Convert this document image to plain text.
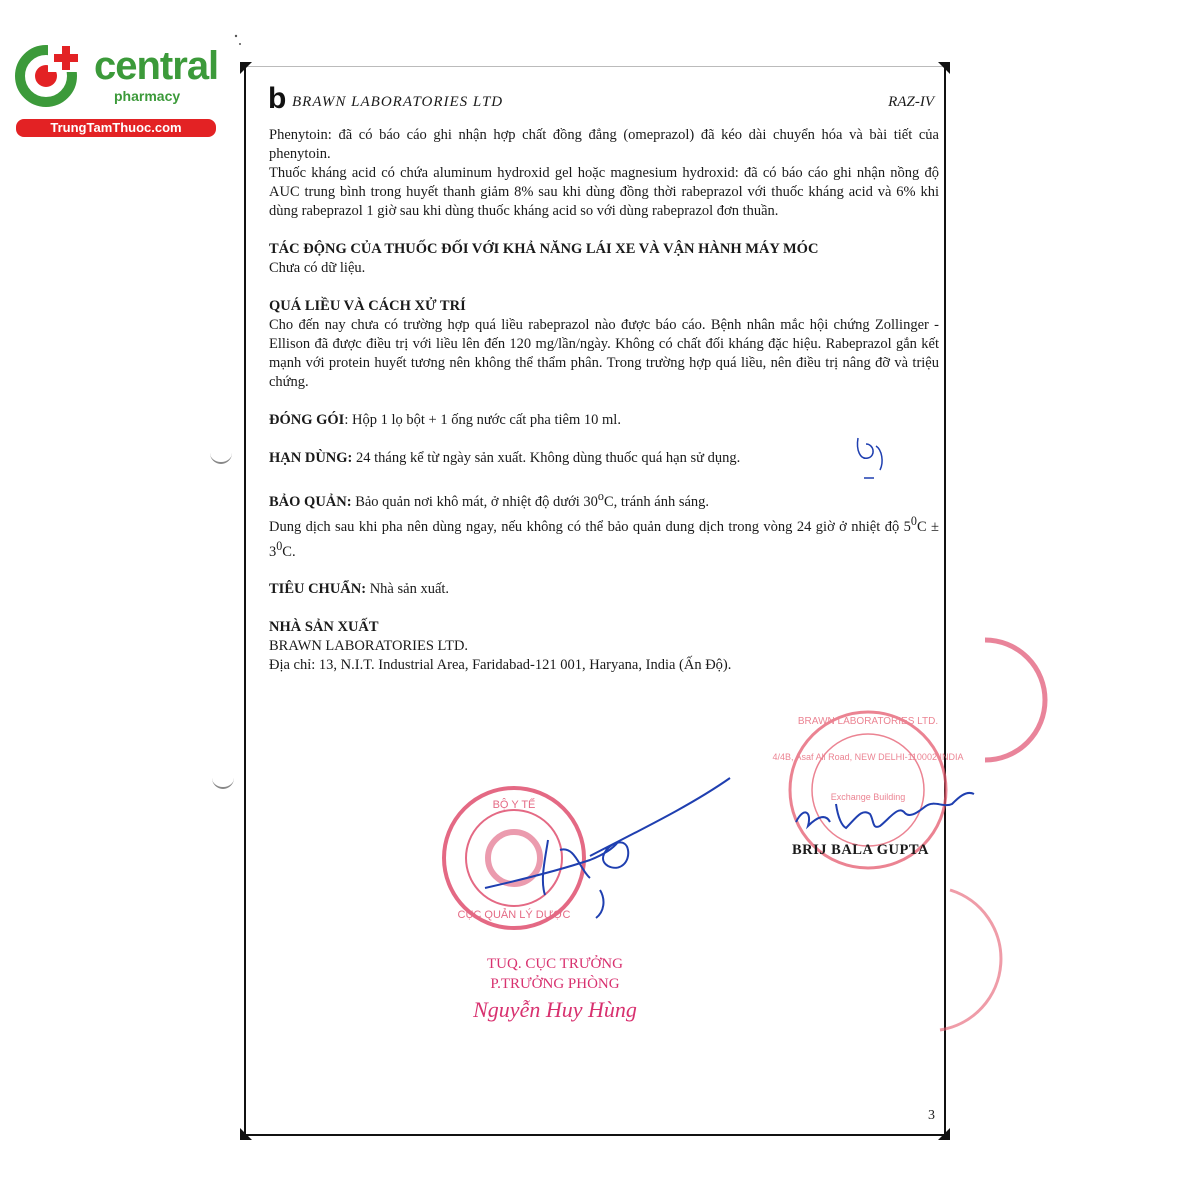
central
pharmacy
TrungTamThuoc.com
b BRAWN LABORATORIES LTD	RAZ-IV

Phenytoin: đã có báo cáo ghi nhận hợp chất đồng đẳng (omeprazol) đã kéo dài chuyển hóa và bài tiết của phenytoin.

Thuốc kháng acid có chứa aluminum hydroxid gel hoặc magnesium hydroxid: đã có báo cáo ghi nhận nồng độ AUC trung bình trong huyết thanh giảm 8% sau khi dùng đồng thời rabeprazol với thuốc kháng acid và 6% khi dùng rabeprazol 1 giờ sau khi dùng thuốc kháng acid so với dùng rabeprazol đơn thuần.

TÁC ĐỘNG CỦA THUỐC ĐỐI VỚI KHẢ NĂNG LÁI XE VÀ VẬN HÀNH MÁY MÓC

Chưa có dữ liệu.

QUÁ LIỀU VÀ CÁCH XỬ TRÍ

Cho đến nay chưa có trường hợp quá liều rabeprazol nào được báo cáo. Bệnh nhân mắc hội chứng Zollinger - Ellison đã được điều trị với liều lên đến 120 mg/lần/ngày. Không có chất đối kháng đặc hiệu. Rabeprazol gắn kết mạnh với protein huyết tương nên không thể thẩm phân. Trong trường hợp quá liều, nên điều trị nâng đỡ và triệu chứng.

ĐÓNG GÓI: Hộp 1 lọ bột + 1 ống nước cất pha tiêm 10 ml.

HẠN DÙNG: 24 tháng kể từ ngày sản xuất. Không dùng thuốc quá hạn sử dụng.

BẢO QUẢN: Bảo quản nơi khô mát, ở nhiệt độ dưới 30$^o$C, tránh ánh sáng.

Dung dịch sau khi pha nên dùng ngay, nếu không có thể bảo quản dung dịch trong vòng 24 giờ ở nhiệt độ $5^0C \pm 3^0C$.

TIÊU CHUẨN: Nhà sản xuất.

NHÀ SẢN XUẤT

BRAWN LABORATORIES LTD.

Địa chỉ: 13, N.I.T. Industrial Area, Faridabad-121 001, Haryana, India (Ấn Độ).

BỘ Y TẾ
CỤC QUẢN LÝ DƯỢC
BRAWN LABORATORIES LTD.
4/4B, Asaf Ali Road, NEW DELHI-110002 INDIA
Exchange Building
BRIJ BALA GUPTA
TUQ. CỤC TRƯỞNG
P.TRƯỞNG PHÒNG
Nguyễn Huy Hùng
3
